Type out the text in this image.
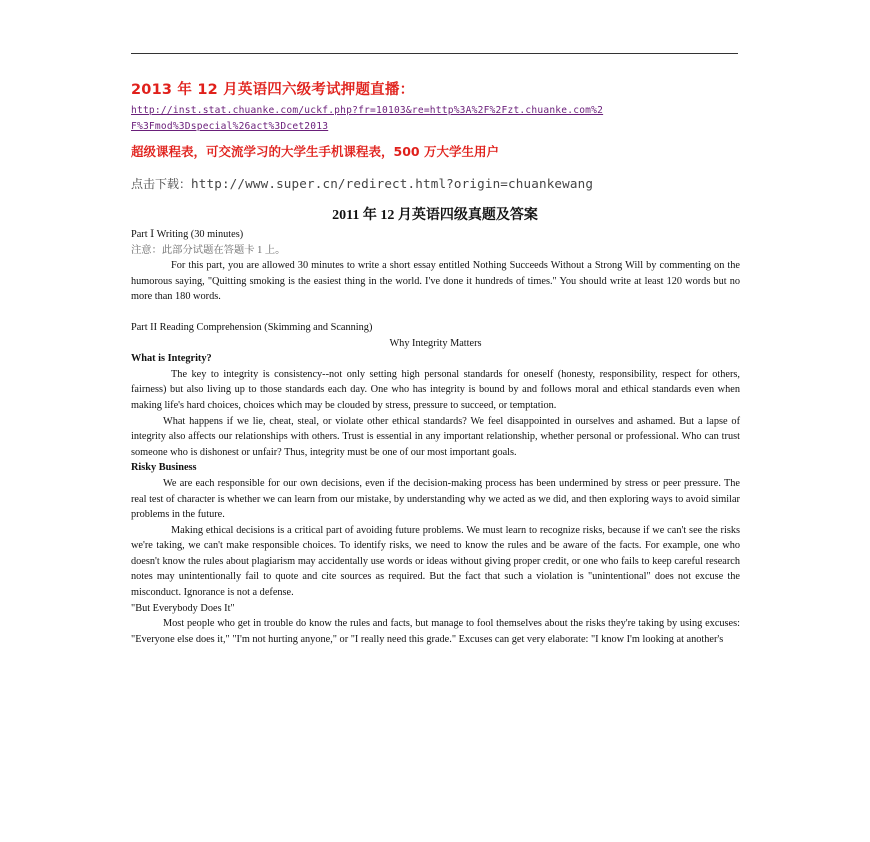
2013 年 12 月英语四六级考试押题直播：
http://inst.stat.chuanke.com/uckf.php?fr=10103&re=http%3A%2F%2Fzt.chuanke.com%2
F%3Fmod%3Dspecial%26act%3Dcet2013
超级课程表，可交流学习的大学生手机课程表，500 万大学生用户
点击下载：http://www.super.cn/redirect.html?origin=chuankewang
2011 年 12 月英语四级真题及答案

Part Ⅰ Writing (30 minutes)

注意：此部分试题在答题卡 1 上。

For this part, you are allowed 30 minutes to write a short essay entitled Nothing Succeeds Without a Strong Will by commenting on the humorous saying, "Quitting smoking is the easiest thing in the world. I've done it hundreds of times." You should write at least 120 words but no more than 180 words.

Part II Reading Comprehension (Skimming and Scanning)

Why Integrity Matters

What is Integrity?

The key to integrity is consistency--not only setting high personal standards for oneself (honesty, responsibility, respect for others, fairness) but also living up to those standards each day. One who has integrity is bound by and follows moral and ethical standards even when making life's hard choices, choices which may be clouded by stress, pressure to succeed, or temptation.

What happens if we lie, cheat, steal, or violate other ethical standards? We feel disappointed in ourselves and ashamed. But a lapse of integrity also affects our relationships with others. Trust is essential in any important relationship, whether personal or professional. Who can trust someone who is dishonest or unfair? Thus, integrity must be one of our most important goals.

Risky Business

We are each responsible for our own decisions, even if the decision-making process has been undermined by stress or peer pressure. The real test of character is whether we can learn from our mistake, by understanding why we acted as we did, and then exploring ways to avoid similar problems in the future.

Making ethical decisions is a critical part of avoiding future problems. We must learn to recognize risks, because if we can't see the risks we're taking, we can't make responsible choices. To identify risks, we need to know the rules and be aware of the facts. For example, one who doesn't know the rules about plagiarism may accidentally use words or ideas without giving proper credit, or one who fails to keep careful research notes may unintentionally fail to quote and cite sources as required. But the fact that such a violation is "unintentional" does not excuse the misconduct. Ignorance is not a defense.

"But Everybody Does It"

Most people who get in trouble do know the rules and facts, but manage to fool themselves about the risks they're taking by using excuses: "Everyone else does it," "I'm not hurting anyone," or "I really need this grade." Excuses can get very elaborate: "I know I'm looking at another's
